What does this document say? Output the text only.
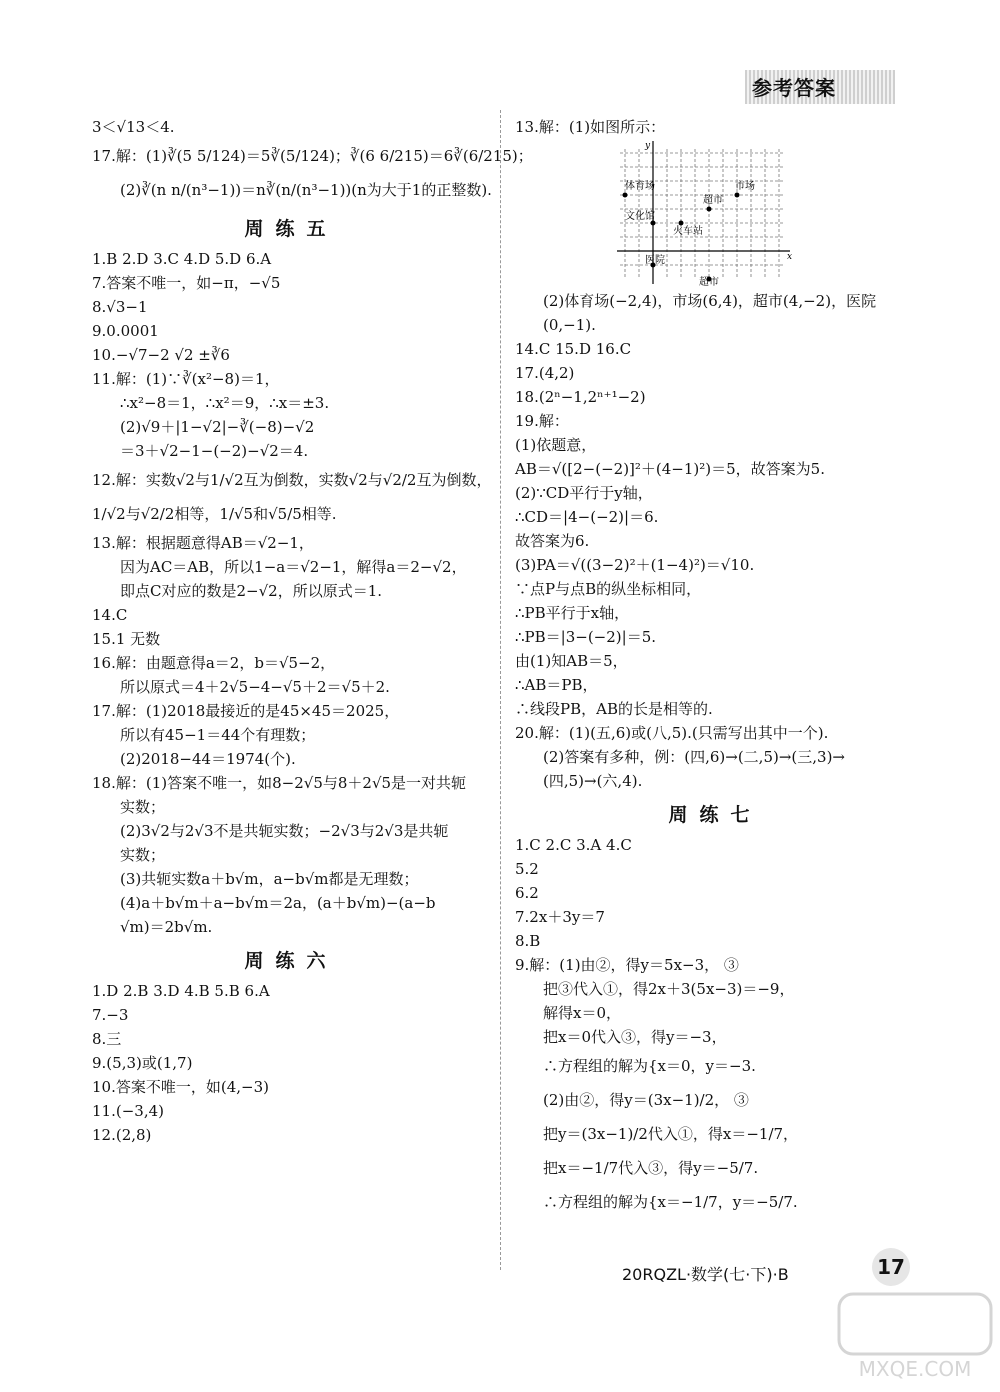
参考答案
3＜√13＜4.
17.解：(1)∛(5 5/124)＝5∛(5/124)；∛(6 6/215)＝6∛(6/215)；
(2)∛(n n/(n³−1))＝n∛(n/(n³−1))(n为大于1的正整数).
周练五
1.B 2.D 3.C 4.D 5.D 6.A
7.答案不唯一，如−π，−√5
8.√3−1
9.0.0001
10.−√7−2 √2 ±∛6
11.解：(1)∵∛(x²−8)＝1，
∴x²−8＝1，∴x²＝9，∴x＝±3.
(2)√9＋|1−√2|−∛(−8)−√2
＝3＋√2−1−(−2)−√2＝4.
12.解：实数√2与1/√2互为倒数，实数√2与√2/2互为倒数，
1/√2与√2/2相等，1/√5和√5/5相等.
13.解：根据题意得AB＝√2−1，
因为AC＝AB，所以1−a＝√2−1，解得a＝2−√2，
即点C对应的数是2−√2，所以原式＝1.
14.C
15.1 无数
16.解：由题意得a＝2，b＝√5−2，
所以原式＝4＋2√5−4−√5＋2＝√5＋2.
17.解：(1)2018最接近的是45×45＝2025，
所以有45−1＝44个有理数；
(2)2018−44＝1974(个).
18.解：(1)答案不唯一，如8−2√5与8＋2√5是一对共轭
实数；
(2)3√2与2√3不是共轭实数；−2√3与2√3是共轭
实数；
(3)共轭实数a＋b√m，a−b√m都是无理数；
(4)a＋b√m＋a−b√m＝2a，(a＋b√m)−(a−b
√m)＝2b√m.
周练六
1.D 2.B 3.D 4.B 5.B 6.A
7.−3
8.三
9.(5,3)或(1,7)
10.答案不唯一，如(4,−3)
11.(−3,4)
12.(2,8)
13.解：(1)如图所示：
y
x
体育场	市场
文化馆
超市
火车站
医院
超市
(2)体育场(−2,4)，市场(6,4)，超市(4,−2)，医院
(0,−1).
14.C 15.D 16.C
17.(4,2)
18.(2ⁿ−1,2ⁿ⁺¹−2)
19.解：
(1)依题意，
AB＝√([2−(−2)]²＋(4−1)²)＝5，故答案为5.
(2)∵CD平行于y轴，
∴CD＝|4−(−2)|＝6.
故答案为6.
(3)PA＝√((3−2)²＋(1−4)²)＝√10.
∵点P与点B的纵坐标相同，
∴PB平行于x轴，
∴PB＝|3−(−2)|＝5.
由(1)知AB＝5，
∴AB＝PB，
∴线段PB，AB的长是相等的.
20.解：(1)(五,6)或(八,5).(只需写出其中一个).
(2)答案有多种，例：(四,6)→(二,5)→(三,3)→
(四,5)→(六,4).
周练七
1.C 2.C 3.A 4.C
5.2
6.2
7.2x＋3y＝7
8.B
9.解：(1)由②，得y＝5x−3， ③
把③代入①，得2x＋3(5x−3)＝−9，
解得x＝0，
把x＝0代入③，得y＝−3，
∴方程组的解为{x＝0，y＝−3.
(2)由②，得y＝(3x−1)/2， ③
把y＝(3x−1)/2代入①，得x＝−1/7，
把x＝−1/7代入③，得y＝−5/7.
∴方程组的解为{x＝−1/7，y＝−5/7.
20RQZL·数学(七·下)·B	17
MXQE.COM
